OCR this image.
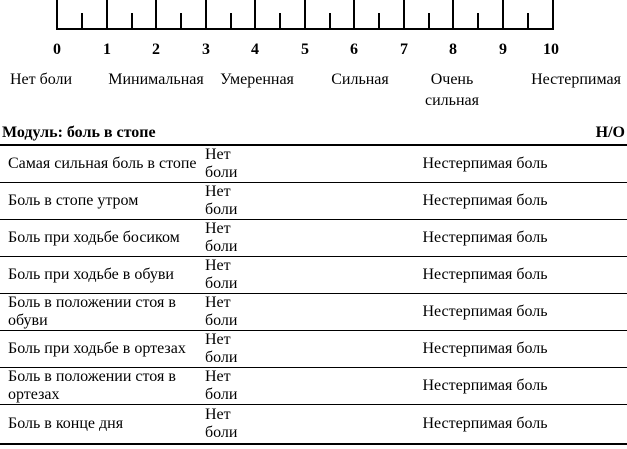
0	1	2	3	4	5	6	7	8	9 10
Нет боли Минимальная Умеренная Сильная	Очень сильная
Нестерпимая
Модуль: боль в стопе	Н/О
Самая сильная боль в стопе
Нет боли
Нестерпимая боль
Боль в стопе утром
Нет боли
Нестерпимая боль
Боль при ходьбе босиком
Нет боли
Нестерпимая боль
Боль при ходьбе в обуви
Нет боли
Нестерпимая боль
Боль в положении стоя в обуви
Нет боли
Нестерпимая боль
Боль при ходьбе в ортезах
Нет боли
Нестерпимая боль
Боль в положении стоя в ортезах
Нет боли
Нестерпимая боль
Боль в конце дня
Нет боли
Нестерпимая боль
